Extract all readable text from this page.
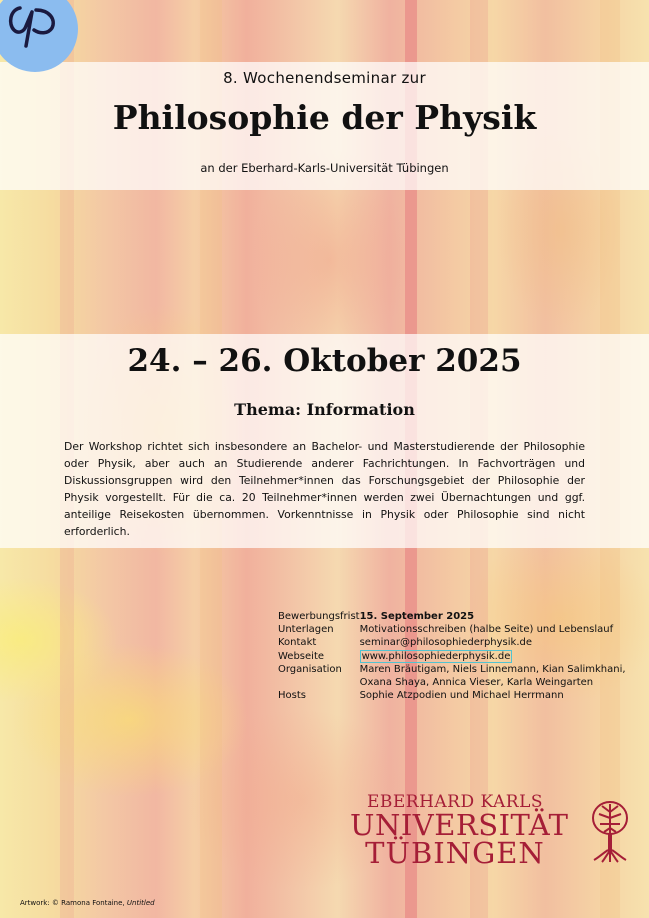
8. Wochenendseminar zur
Philosophie der Physik
an der Eberhard-Karls-Universität Tübingen
24. – 26. Oktober 2025
Thema: Information
Der Workshop richtet sich insbesondere an Bachelor- und Masterstudierende der Philosophie oder Physik, aber auch an Studierende anderer Fachrichtungen. In Fachvorträgen und Diskussionsgruppen wird den Teilnehmer*innen das Forschungsgebiet der Philosophie der Physik vorgestellt. Für die ca. 20 Teilnehmer*innen werden zwei Übernachtungen und ggf. anteilige Reisekosten übernommen. Vorkenntnisse in Physik oder Philosophie sind nicht erforderlich.
Bewerbungsfrist	15. September 2025
Unterlagen	Motivationsschreiben (halbe Seite) und Lebenslauf
Kontakt	seminar@philosophiederphysik.de
Webseite	www.philosophiederphysik.de
Organisation	Maren Bräutigam, Niels Linnemann, Kian Salimkhani,
Oxana Shaya, Annica Vieser, Karla Weingarten

Hosts	Sophie Atzpodien und Michael Herrmann
EBERHARD KARLS
UNIVERSITÄT
TÜBINGEN
Artwork: © Ramona Fontaine, Untitled
